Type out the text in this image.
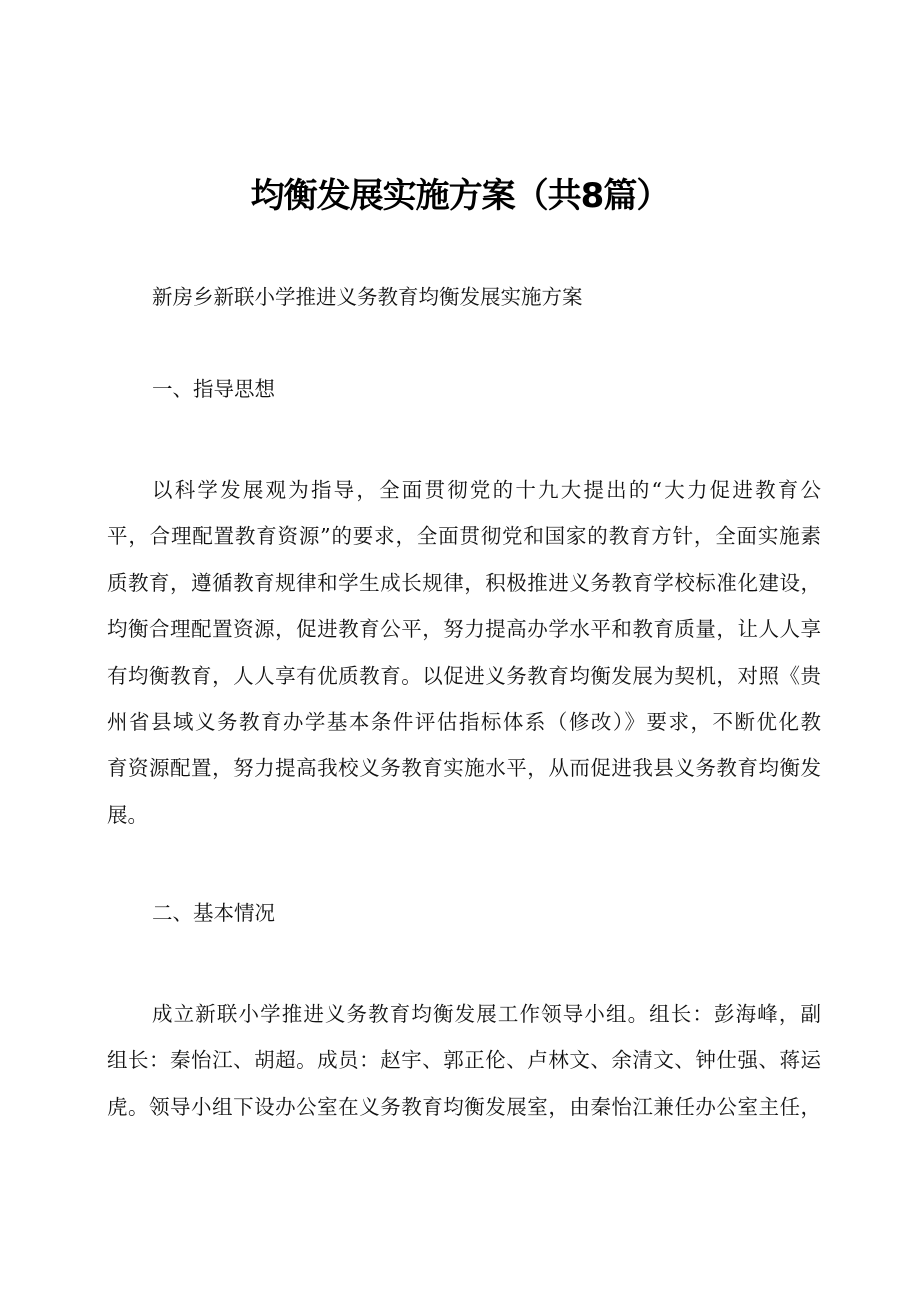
均衡发展实施方案（共8篇）
新房乡新联小学推进义务教育均衡发展实施方案
一、指导思想
以科学发展观为指导，全面贯彻党的十九大提出的“大力促进教育公
平，合理配置教育资源”的要求，全面贯彻党和国家的教育方针，全面实施素
质教育，遵循教育规律和学生成长规律，积极推进义务教育学校标准化建设，
均衡合理配置资源，促进教育公平，努力提高办学水平和教育质量，让人人享
有均衡教育，人人享有优质教育。以促进义务教育均衡发展为契机，对照《贵
州省县域义务教育办学基本条件评估指标体系（修改）》要求，不断优化教
育资源配置，努力提高我校义务教育实施水平，从而促进我县义务教育均衡发
展。
二、基本情况
成立新联小学推进义务教育均衡发展工作领导小组。组长：彭海峰，副
组长：秦怡江、胡超。成员：赵宇、郭正伦、卢林文、余清文、钟仕强、蒋运
虎。领导小组下设办公室在义务教育均衡发展室，由秦怡江兼任办公室主任，
